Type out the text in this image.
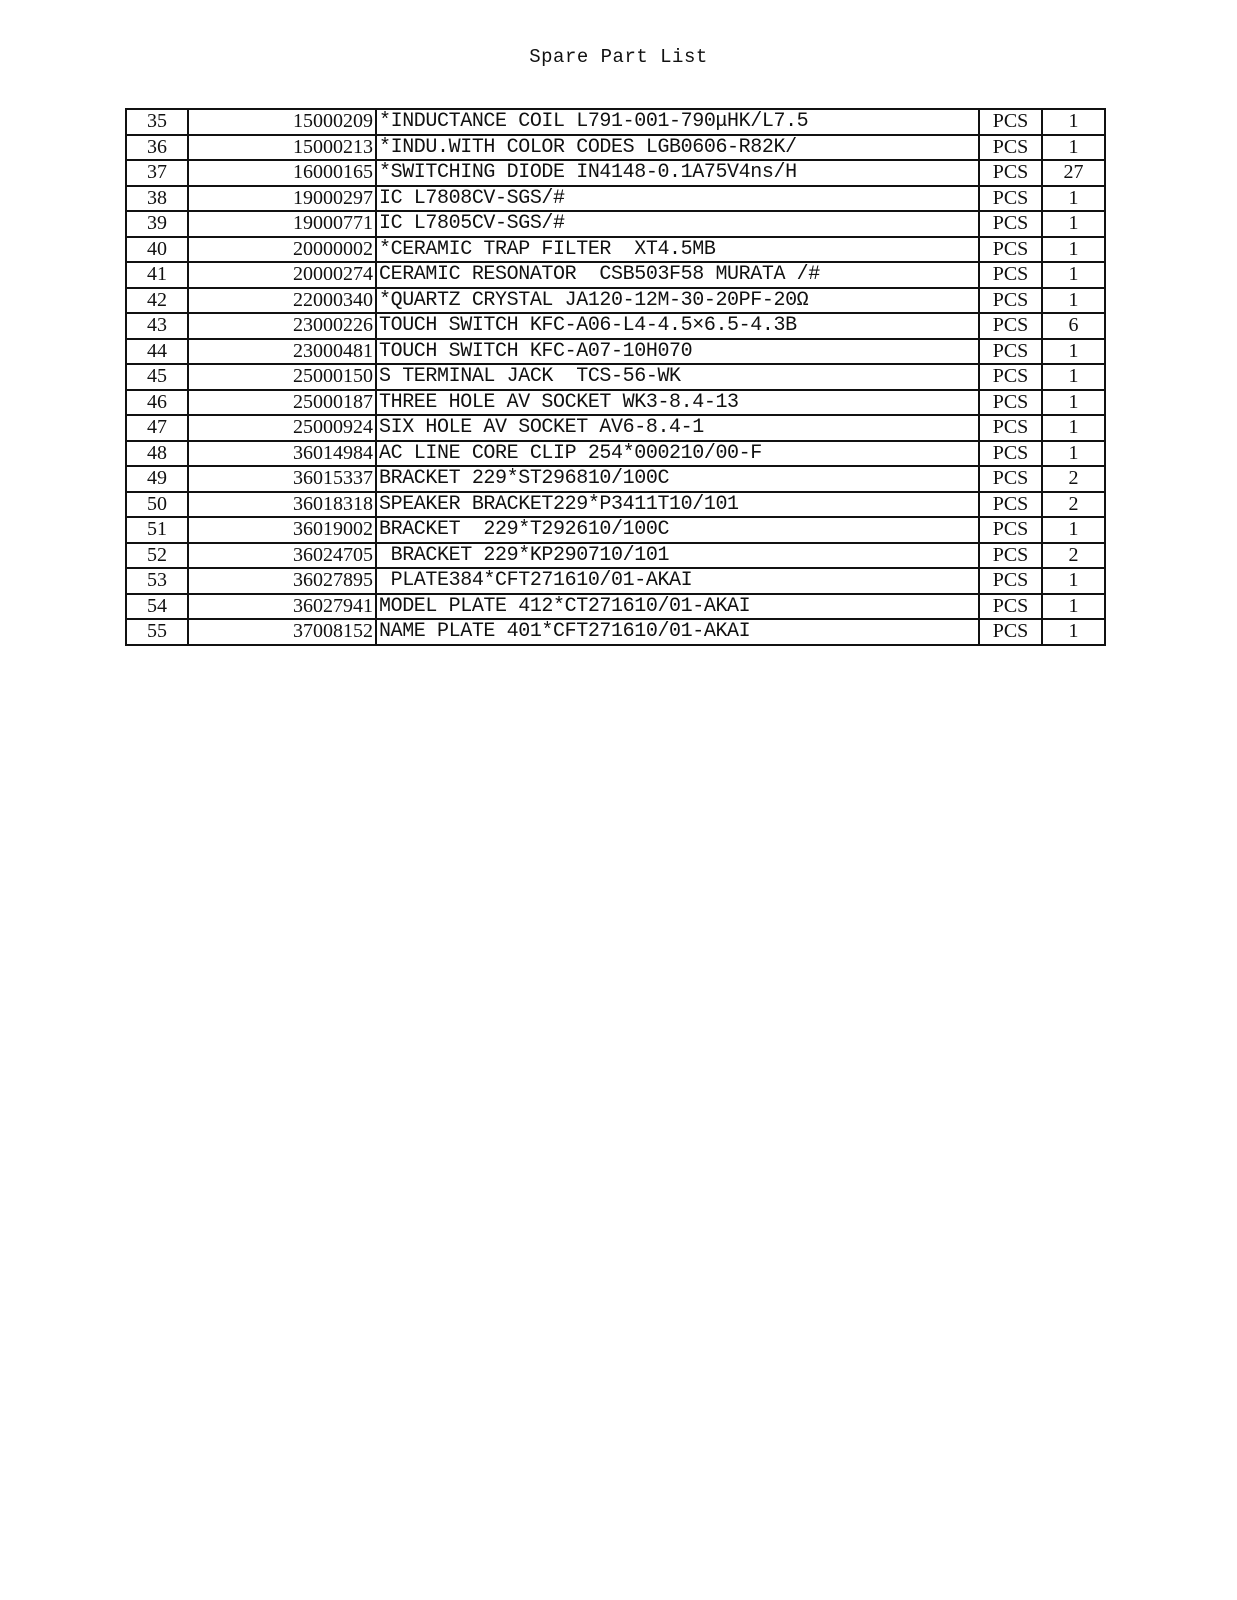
Spare Part List
35	15000209	*INDUCTANCE COIL L791-001-790μHK/L7.5	PCS	1
36	15000213	*INDU.WITH COLOR CODES LGB0606-R82K/	PCS	1
37	16000165	*SWITCHING DIODE IN4148-0.1A75V4ns/H	PCS	27
38	19000297	IC L7808CV-SGS/#	PCS	1
39	19000771	IC L7805CV-SGS/#	PCS	1
40	20000002	*CERAMIC TRAP FILTER  XT4.5MB	PCS	1
41	20000274	CERAMIC RESONATOR  CSB503F58 MURATA /#	PCS	1
42	22000340	*QUARTZ CRYSTAL JA120-12M-30-20PF-20Ω	PCS	1
43	23000226	TOUCH SWITCH KFC-A06-L4-4.5×6.5-4.3B	PCS	6
44	23000481	TOUCH SWITCH KFC-A07-10H070	PCS	1
45	25000150	S TERMINAL JACK  TCS-56-WK	PCS	1
46	25000187	THREE HOLE AV SOCKET WK3-8.4-13	PCS	1
47	25000924	SIX HOLE AV SOCKET AV6-8.4-1	PCS	1
48	36014984	AC LINE CORE CLIP 254*000210/00-F	PCS	1
49	36015337	BRACKET 229*ST296810/100C	PCS	2
50	36018318	SPEAKER BRACKET229*P3411T10/101	PCS	2
51	36019002	BRACKET  229*T292610/100C	PCS	1
52	36024705	BRACKET 229*KP290710/101	PCS	2
53	36027895	PLATE384*CFT271610/01-AKAI	PCS	1
54	36027941	MODEL PLATE 412*CT271610/01-AKAI	PCS	1
55	37008152	NAME PLATE 401*CFT271610/01-AKAI	PCS	1
